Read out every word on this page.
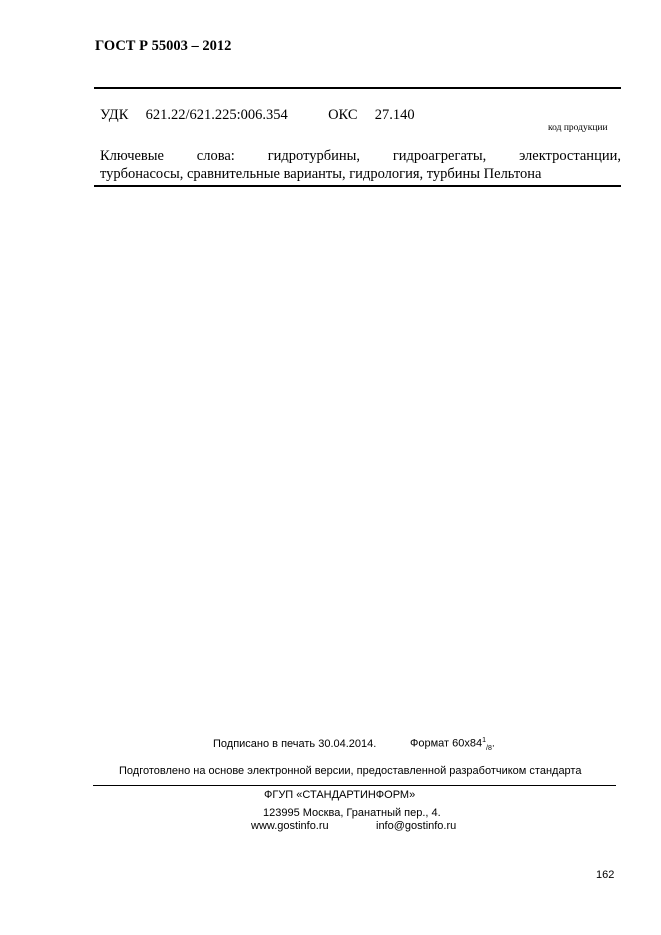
ГОСТ Р 55003 – 2012
УДК 621.22/621.225:006.354	ОКС 27.140
код продукции
Ключевые слова: гидротурбины, гидроагрегаты, электростанции,
турбонасосы, сравнительные варианты, гидрология, турбины Пельтона
Подписано в печать 30.04.2014.	Формат $60x84^1_{/8}$.
Подготовлено на основе электронной версии, предоставленной разработчиком стандарта
ФГУП «СТАНДАРТИНФОРМ»
123995 Москва, Гранатный пер., 4.
www.gostinfo.ru	info@gostinfo.ru
162
